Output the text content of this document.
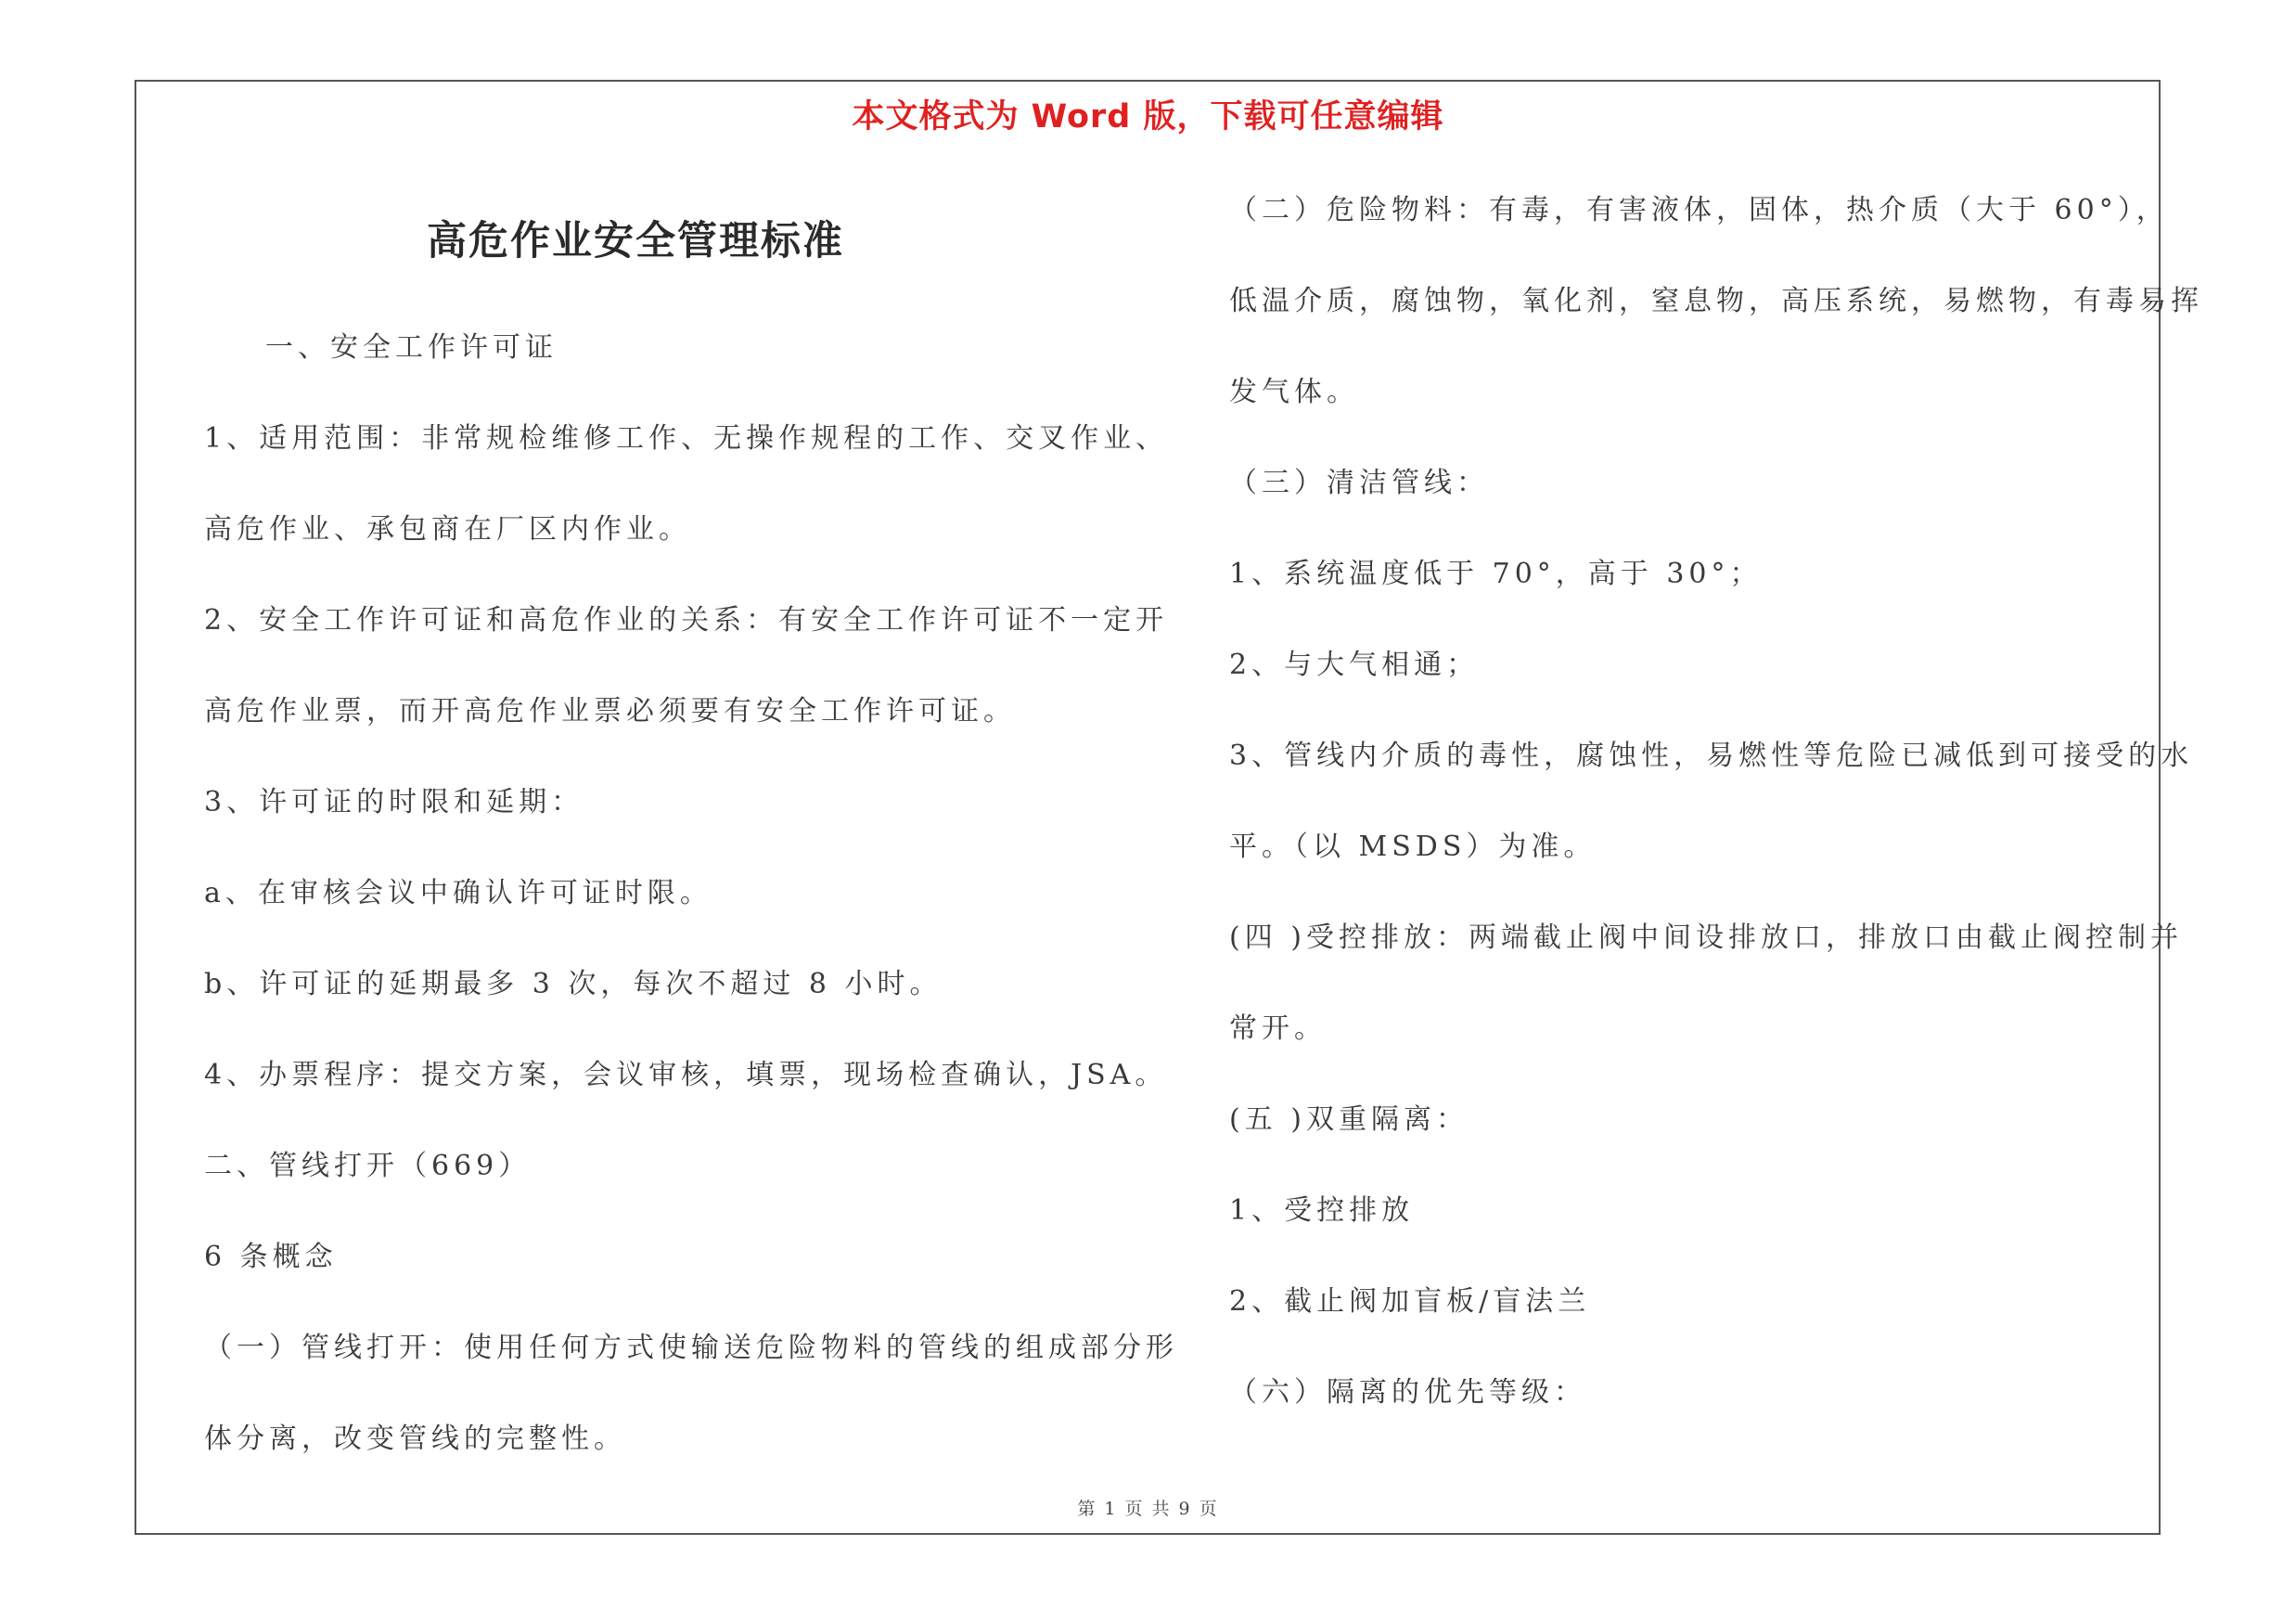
本文格式为 Word 版，下载可任意编辑
高危作业安全管理标准
一、安全工作许可证
1、适用范围：非常规检维修工作、无操作规程的工作、交叉作业、
高危作业、承包商在厂区内作业。
2、安全工作许可证和高危作业的关系：有安全工作许可证不一定开
高危作业票，而开高危作业票必须要有安全工作许可证。
3、许可证的时限和延期：
a、在审核会议中确认许可证时限。
b、许可证的延期最多 3 次，每次不超过 8 小时。
4、办票程序：提交方案，会议审核，填票，现场检查确认，JSA。
二、管线打开（669）
6 条概念
（一）管线打开：使用任何方式使输送危险物料的管线的组成部分形
体分离，改变管线的完整性。
（二）危险物料：有毒，有害液体，固体，热介质（大于 60°），
低温介质，腐蚀物，氧化剂，窒息物，高压系统，易燃物，有毒易挥
发气体。
（三）清洁管线：
1、系统温度低于 70°，高于 30°；
2、与大气相通；
3、管线内介质的毒性，腐蚀性，易燃性等危险已减低到可接受的水
平。（以 MSDS）为准。
(四 )受控排放：两端截止阀中间设排放口，排放口由截止阀控制并
常开。
(五 )双重隔离：
1、受控排放
2、截止阀加盲板/盲法兰
（六）隔离的优先等级：
第 1 页 共 9 页
